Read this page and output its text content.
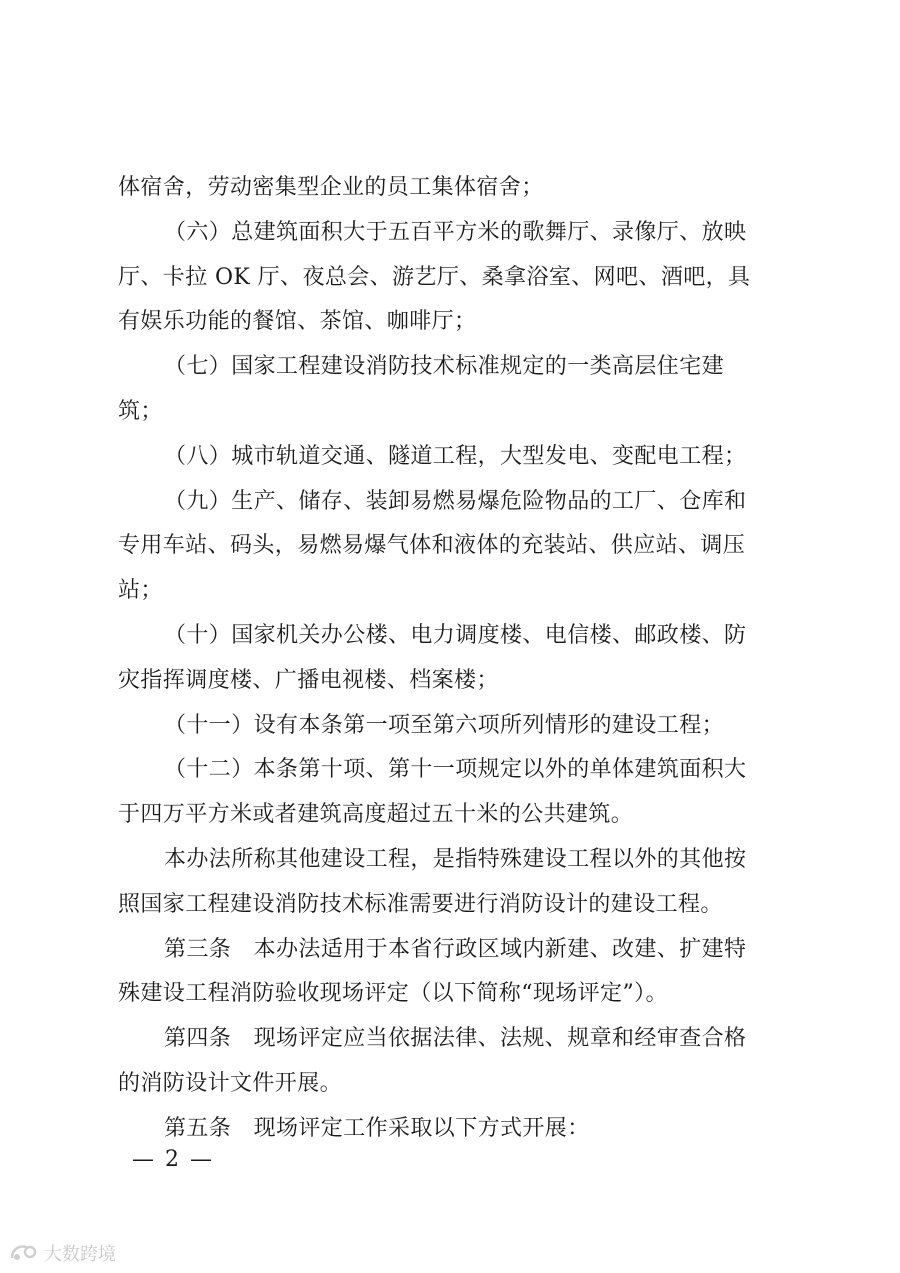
体宿舍，劳动密集型企业的员工集体宿舍；
（六）总建筑面积大于五百平方米的歌舞厅、录像厅、放映
厅、卡拉 OK 厅、夜总会、游艺厅、桑拿浴室、网吧、酒吧，具
有娱乐功能的餐馆、茶馆、咖啡厅；
（七）国家工程建设消防技术标准规定的一类高层住宅建
筑；
（八）城市轨道交通、隧道工程，大型发电、变配电工程；
（九）生产、储存、装卸易燃易爆危险物品的工厂、仓库和
专用车站、码头，易燃易爆气体和液体的充装站、供应站、调压
站；
（十）国家机关办公楼、电力调度楼、电信楼、邮政楼、防
灾指挥调度楼、广播电视楼、档案楼；
（十一）设有本条第一项至第六项所列情形的建设工程；
（十二）本条第十项、第十一项规定以外的单体建筑面积大
于四万平方米或者建筑高度超过五十米的公共建筑。
本办法所称其他建设工程，是指特殊建设工程以外的其他按
照国家工程建设消防技术标准需要进行消防设计的建设工程。
第三条　本办法适用于本省行政区域内新建、改建、扩建特
殊建设工程消防验收现场评定（以下简称“现场评定”）。
第四条　现场评定应当依据法律、法规、规章和经审查合格
的消防设计文件开展。
第五条　现场评定工作采取以下方式开展：
— 2 —
大数跨境
